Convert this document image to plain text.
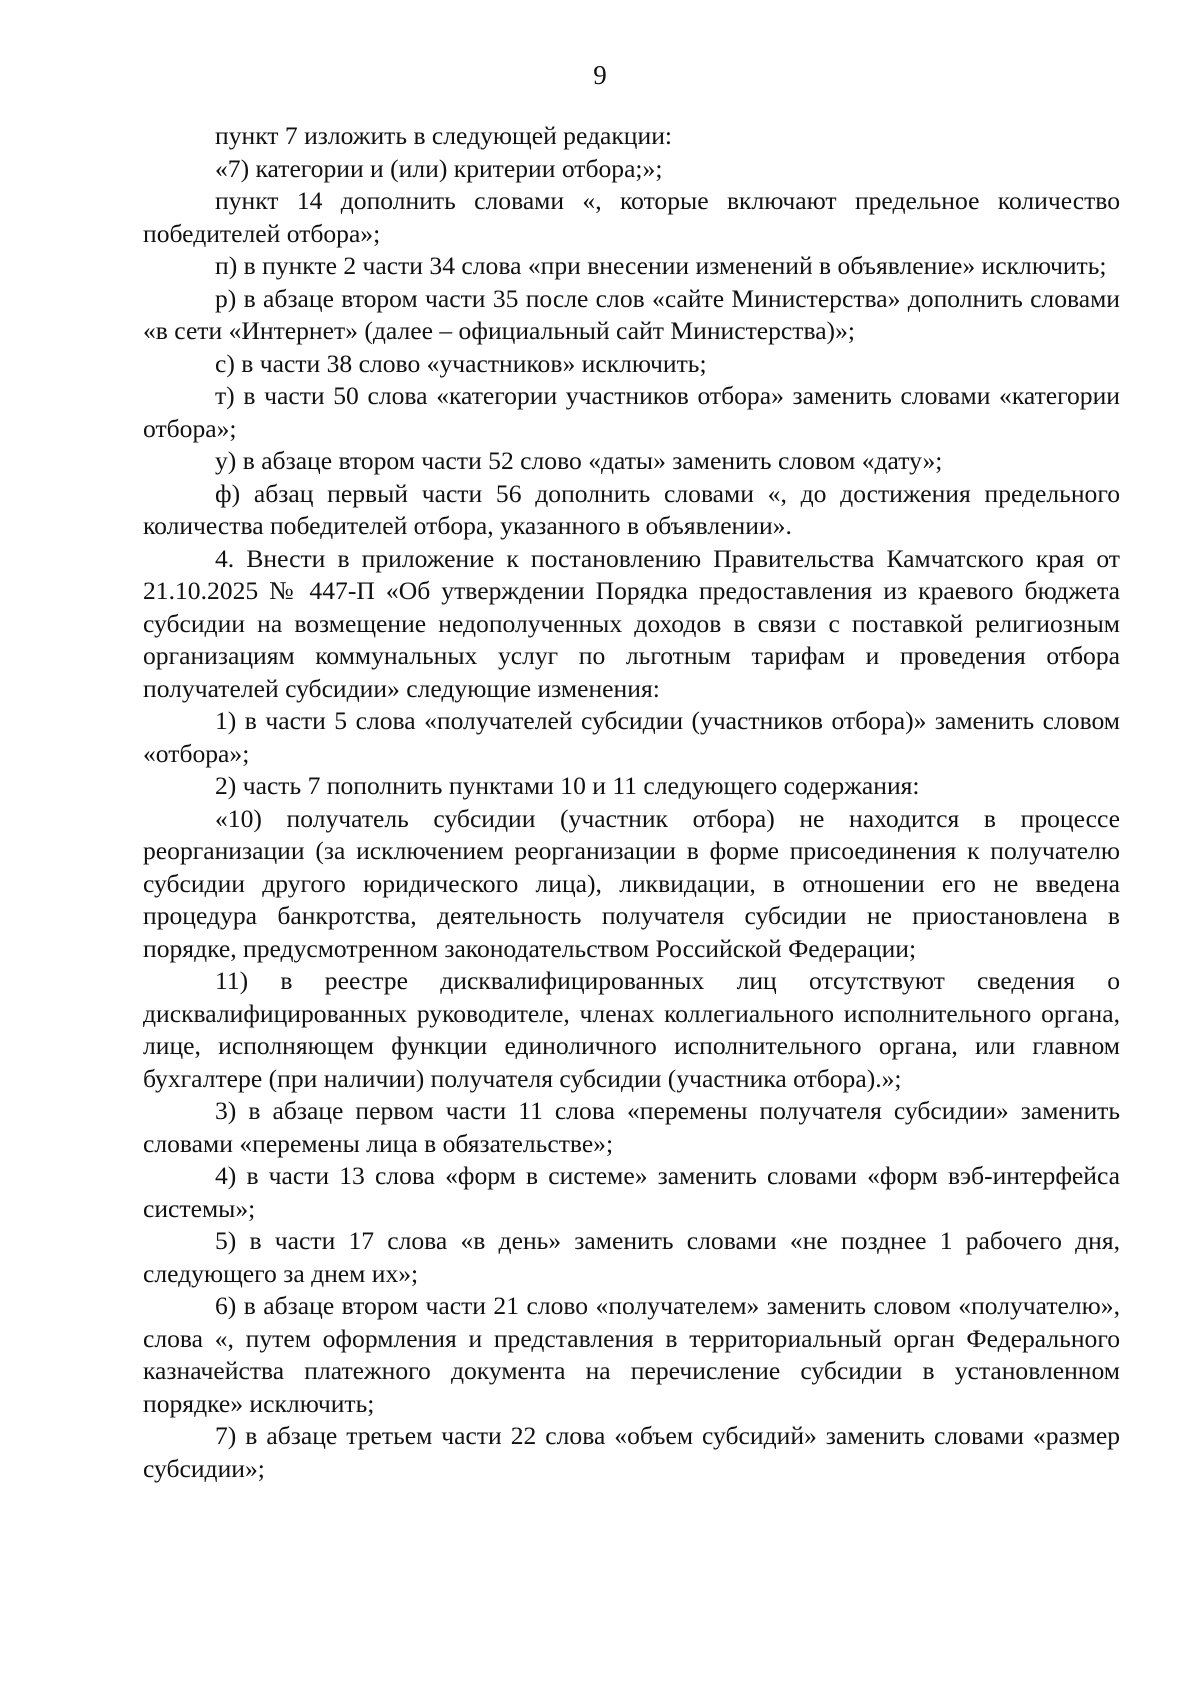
9

пункт 7 изложить в следующей редакции:

«7) категории и (или) критерии отбора;»;

пункт 14 дополнить словами «, которые включают предельное количество победителей отбора»;

п) в пункте 2 части 34 слова «при внесении изменений в объявление» исключить;

р) в абзаце втором части 35 после слов «сайте Министерства» дополнить словами «в сети «Интернет» (далее – официальный сайт Министерства)»;

с) в части 38 слово «участников» исключить;

т) в части 50 слова «категории участников отбора» заменить словами «категории отбора»;

у) в абзаце втором части 52 слово «даты» заменить словом «дату»;

ф) абзац первый части 56 дополнить словами «, до достижения предельного количества победителей отбора, указанного в объявлении».

4. Внести в приложение к постановлению Правительства Камчатского края от 21.10.2025 № 447-П «Об утверждении Порядка предоставления из краевого бюджета субсидии на возмещение недополученных доходов в связи с поставкой религиозным организациям коммунальных услуг по льготным тарифам и проведения отбора получателей субсидии» следующие изменения:

1) в части 5 слова «получателей субсидии (участников отбора)» заменить словом «отбора»;

2) часть 7 пополнить пунктами 10 и 11 следующего содержания:

«10) получатель субсидии (участник отбора) не находится в процессе реорганизации (за исключением реорганизации в форме присоединения к получателю субсидии другого юридического лица), ликвидации, в отношении его не введена процедура банкротства, деятельность получателя субсидии не приостановлена в порядке, предусмотренном законодательством Российской Федерации;

11) в реестре дисквалифицированных лиц отсутствуют сведения о дисквалифицированных руководителе, членах коллегиального исполнительного органа, лице, исполняющем функции единоличного исполнительного органа, или главном бухгалтере (при наличии) получателя субсидии (участника отбора).»;

3) в абзаце первом части 11 слова «перемены получателя субсидии» заменить словами «перемены лица в обязательстве»;

4) в части 13 слова «форм в системе» заменить словами «форм вэб-интерфейса системы»;

5) в части 17 слова «в день» заменить словами «не позднее 1 рабочего дня, следующего за днем их»;

6) в абзаце втором части 21 слово «получателем» заменить словом «получателю», слова «, путем оформления и представления в территориальный орган Федерального казначейства платежного документа на перечисление субсидии в установленном порядке» исключить;

7) в абзаце третьем части 22 слова «объем субсидий» заменить словами «размер субсидии»;
